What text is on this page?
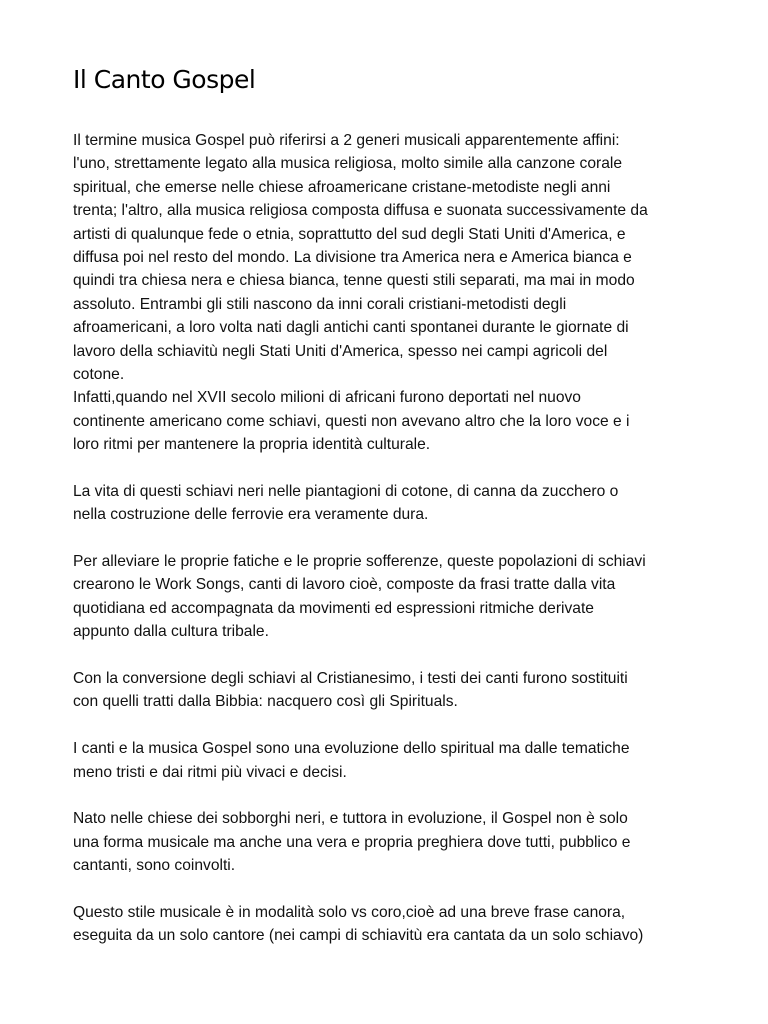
Il Canto Gospel
Il termine musica Gospel può riferirsi a 2 generi musicali apparentemente affini:
l'uno, strettamente legato alla musica religiosa, molto simile alla canzone corale
spiritual, che emerse nelle chiese afroamericane cristane-metodiste negli anni
trenta; l'altro, alla musica religiosa composta diffusa e suonata successivamente da
artisti di qualunque fede o etnia, soprattutto del sud degli Stati Uniti d'America, e
diffusa poi nel resto del mondo. La divisione tra America nera e America bianca e
quindi tra chiesa nera e chiesa bianca, tenne questi stili separati, ma mai in modo
assoluto. Entrambi gli stili nascono da inni corali cristiani-metodisti degli
afroamericani, a loro volta nati dagli antichi canti spontanei durante le giornate di
lavoro della schiavitù negli Stati Uniti d'America, spesso nei campi agricoli del
cotone.
Infatti,quando nel XVII secolo milioni di africani furono deportati nel nuovo
continente americano come schiavi, questi non avevano altro che la loro voce e i
loro ritmi per mantenere la propria identità culturale.
La vita di questi schiavi neri nelle piantagioni di cotone, di canna da zucchero o
nella costruzione delle ferrovie era veramente dura.
Per alleviare le proprie fatiche e le proprie sofferenze, queste popolazioni di schiavi
crearono le Work Songs, canti di lavoro cioè, composte da frasi tratte dalla vita
quotidiana ed accompagnata da movimenti ed espressioni ritmiche derivate
appunto dalla cultura tribale.
Con la conversione degli schiavi al Cristianesimo, i testi dei canti furono sostituiti
con quelli tratti dalla Bibbia: nacquero così gli Spirituals.
I canti e la musica Gospel sono una evoluzione dello spiritual ma dalle tematiche
meno tristi e dai ritmi più vivaci e decisi.
Nato nelle chiese dei sobborghi neri, e tuttora in evoluzione, il Gospel non è solo
una forma musicale ma anche una vera e propria preghiera dove tutti, pubblico e
cantanti, sono coinvolti.
Questo stile musicale è in modalità solo vs coro,cioè ad una breve frase canora,
eseguita da un solo cantore (nei campi di schiavitù era cantata da un solo schiavo)
